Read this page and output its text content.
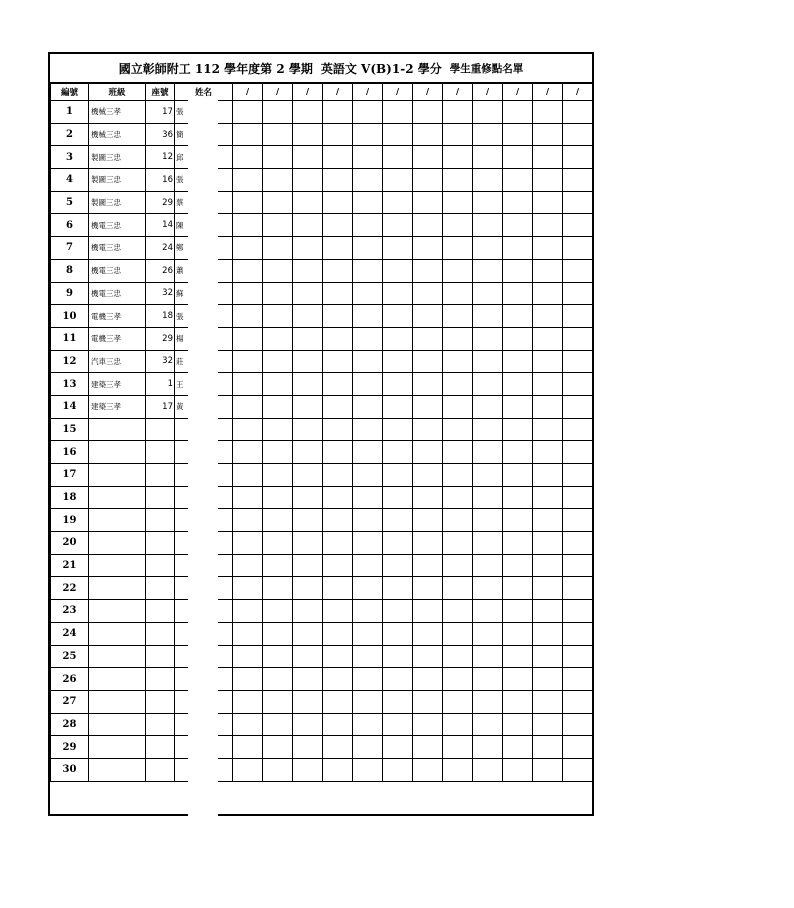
國立彰師附工 112 學年度第 2 學期 英語文 V(B)1-2 學分 學生重修點名單
編號	班級	座號	姓名	/	/	/	/	/	/	/	/	/	/	/	/
1	機械三孝	17	張												
2	機械三忠	36	簡												
3	製圖三忠	12	邱												
4	製圖三忠	16	張												
5	製圖三忠	29	蔡												
6	機電三忠	14	陳												
7	機電三忠	24	鄭												
8	機電三忠	26	蕭												
9	機電三忠	32	蘇												
10	電機三孝	18	張												
11	電機三孝	29	楊												
12	汽車三忠	32	莊												
13	建築三孝	1	王												
14	建築三孝	17	黃												
15															
16															
17															
18															
19															
20															
21															
22															
23															
24															
25															
26															
27															
28															
29															
30															
